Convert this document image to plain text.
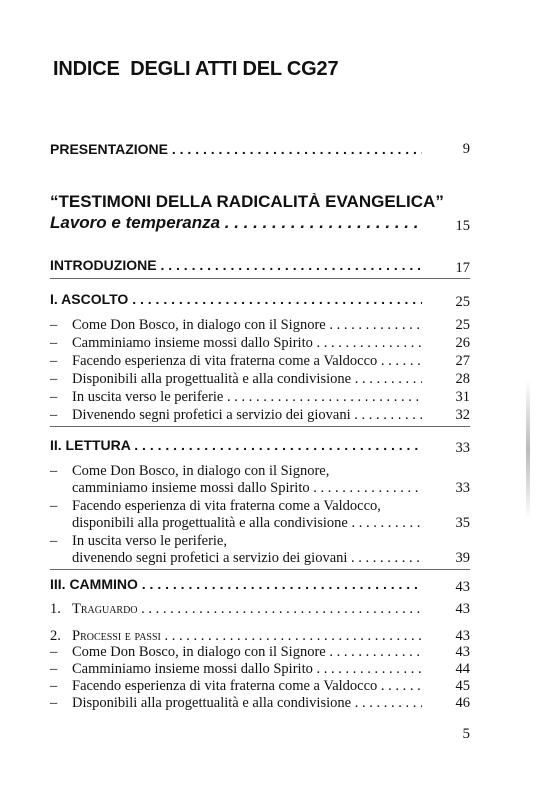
INDICE  DEGLI ATTI DEL CG27
PRESENTAZIONE . . .	9
“TESTIMONI DELLA RADICALITÀ EVANGELICA”
Lavoro e temperanza . . .	15
INTRODUZIONE . . .	17
I. ASCOLTO . . .	25
– Come Don Bosco, in dialogo con il Signore . . .	25
– Camminiamo insieme mossi dallo Spirito . . .	26
– Facendo esperienza di vita fraterna come a Valdocco . . .	27
– Disponibili alla progettualità e alla condivisione . . .	28
– In uscita verso le periferie . . .	31
– Divenendo segni profetici a servizio dei giovani . . .	32
II. LETTURA . . .	33
– Come Don Bosco, in dialogo con il Signore,
camminiamo insieme mossi dallo Spirito . . .	33
– Facendo esperienza di vita fraterna come a Valdocco,
disponibili alla progettualità e alla condivisione . . .	35
– In uscita verso le periferie,
divenendo segni profetici a servizio dei giovani . . .	39
III. CAMMINO . . .	43
1. Traguardo . . .	43
2. Processi e passi . . .	43
– Come Don Bosco, in dialogo con il Signore . . .	43
– Camminiamo insieme mossi dallo Spirito . . .	44
– Facendo esperienza di vita fraterna come a Valdocco . . .	45
– Disponibili alla progettualità e alla condivisione . . .	46
5
